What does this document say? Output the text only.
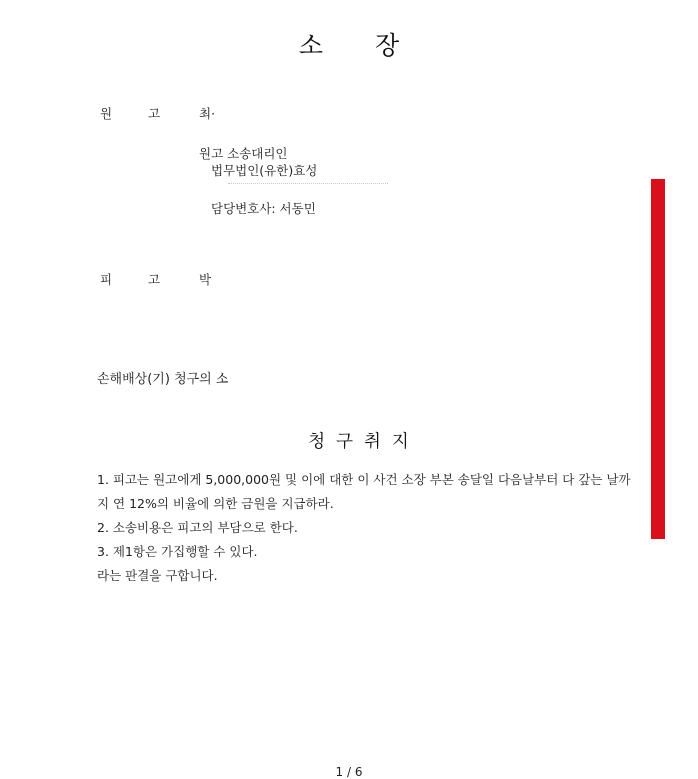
소 장
원	고	최·
원고 소송대리인
법무법인(유한)효성
담당변호사: 서동민
피	고	박
손해배상(기) 청구의 소
청구취지
1. 피고는 원고에게 5,000,000원 및 이에 대한 이 사건 소장 부본 송달일 다음날부터 다 갚는 날까
지 연 12%의 비율에 의한 금원을 지급하라.
2. 소송비용은 피고의 부담으로 한다.
3. 제1항은 가집행할 수 있다.
라는 판결을 구합니다.
1 / 6
